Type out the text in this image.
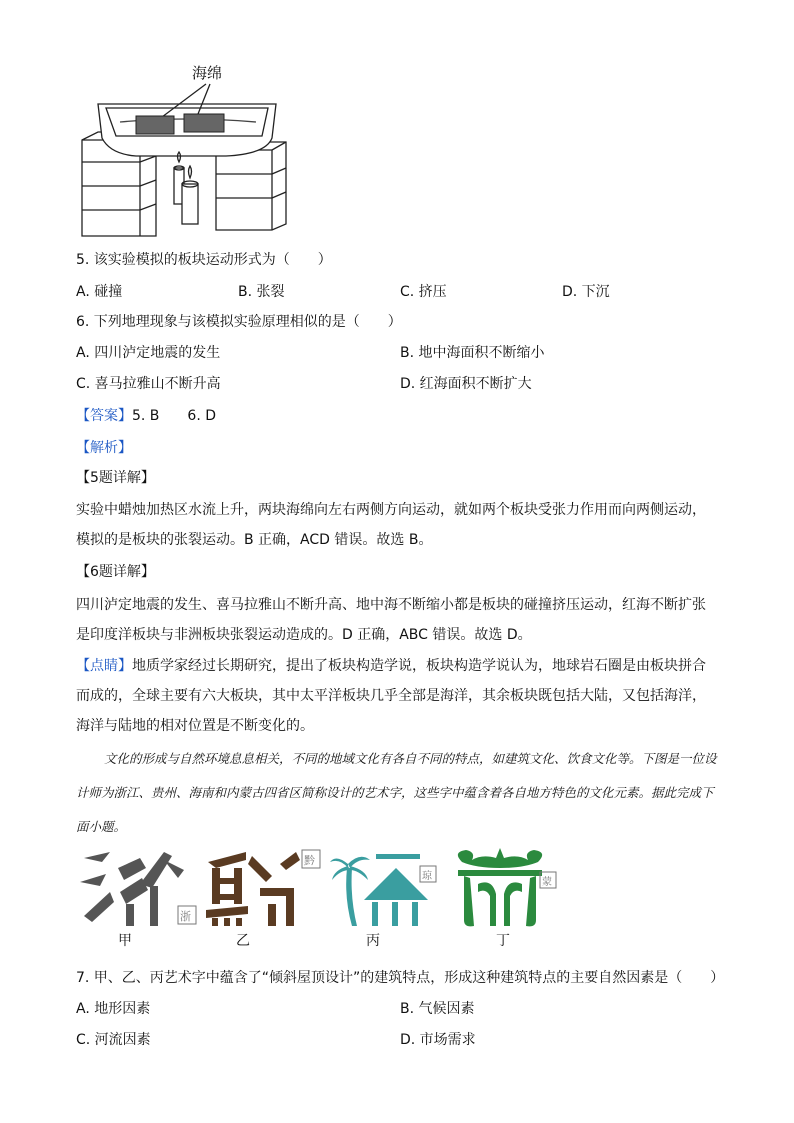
海绵
5. 该实验模拟的板块运动形式为（　　）
A. 碰撞	B. 张裂	C. 挤压	D. 下沉
6. 下列地理现象与该模拟实验原理相似的是（　　）
A. 四川泸定地震的发生	B. 地中海面积不断缩小
C. 喜马拉雅山不断升高	D. 红海面积不断扩大
【答案】5. B　　6. D
【解析】
【5题详解】
实验中蜡烛加热区水流上升，两块海绵向左右两侧方向运动，就如两个板块受张力作用而向两侧运动，模拟的是板块的张裂运动。B 正确，ACD 错误。故选 B。
【6题详解】
四川泸定地震的发生、喜马拉雅山不断升高、地中海不断缩小都是板块的碰撞挤压运动，红海不断扩张是印度洋板块与非洲板块张裂运动造成的。D 正确，ABC 错误。故选 D。
【点睛】地质学家经过长期研究，提出了板块构造学说，板块构造学说认为，地球岩石圈是由板块拼合而成的，全球主要有六大板块，其中太平洋板块几乎全部是海洋，其余板块既包括大陆，又包括海洋，海洋与陆地的相对位置是不断变化的。
文化的形成与自然环境息息相关，不同的地域文化有各自不同的特点，如建筑文化、饮食文化等。下图是一位设计师为浙江、贵州、海南和内蒙古四省区简称设计的艺术字，这些字中蕴含着各自地方特色的文化元素。据此完成下面小题。
浙
黔
琼
蒙
甲	乙	丙	丁
7. 甲、乙、丙艺术字中蕴含了“倾斜屋顶设计”的建筑特点，形成这种建筑特点的主要自然因素是（　　）
A. 地形因素	B. 气候因素
C. 河流因素	D. 市场需求
